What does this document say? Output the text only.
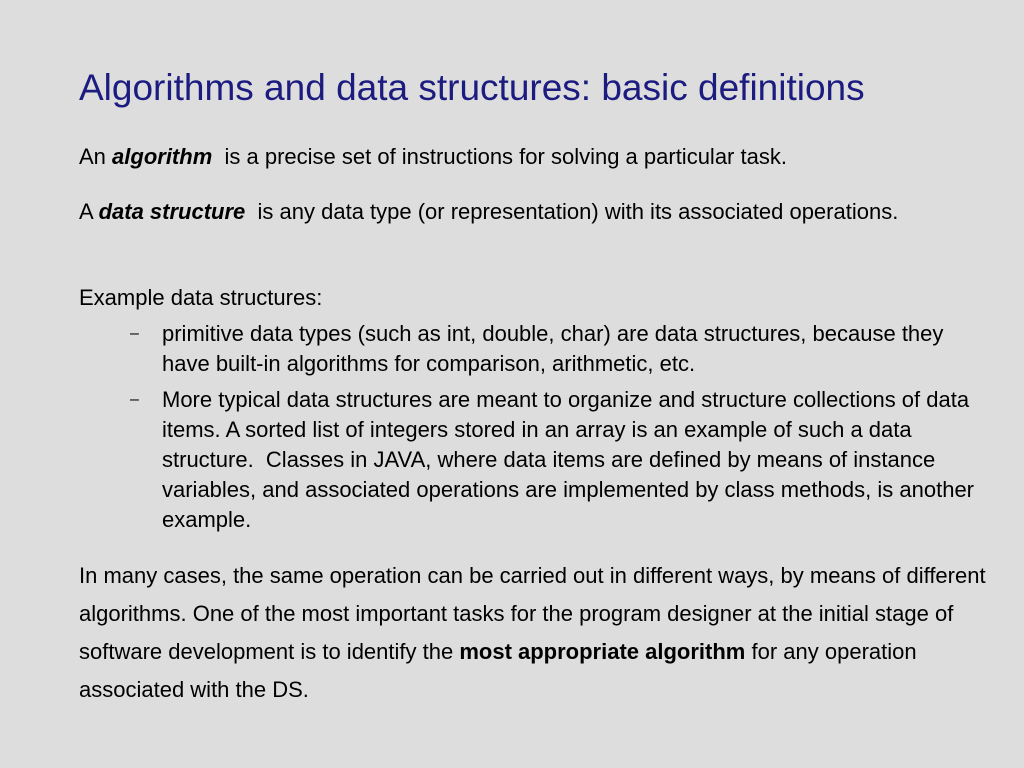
Algorithms and data structures: basic definitions

An algorithm  is a precise set of instructions for solving a particular task.

A data structure  is any data type (or representation) with its associated operations.

Example data structures:

– primitive data types (such as int, double, char) are data structures, because they have built-in algorithms for comparison, arithmetic, etc.
– More typical data structures are meant to organize and structure collections of data items. A sorted list of integers stored in an array is an example of such a data structure.  Classes in JAVA, where data items are defined by means of instance variables, and associated operations are implemented by class methods, is another example.

In many cases, the same operation can be carried out in different ways, by means of different algorithms. One of the most important tasks for the program designer at the initial stage of software development is to identify the most appropriate algorithm for any operation associated with the DS.
